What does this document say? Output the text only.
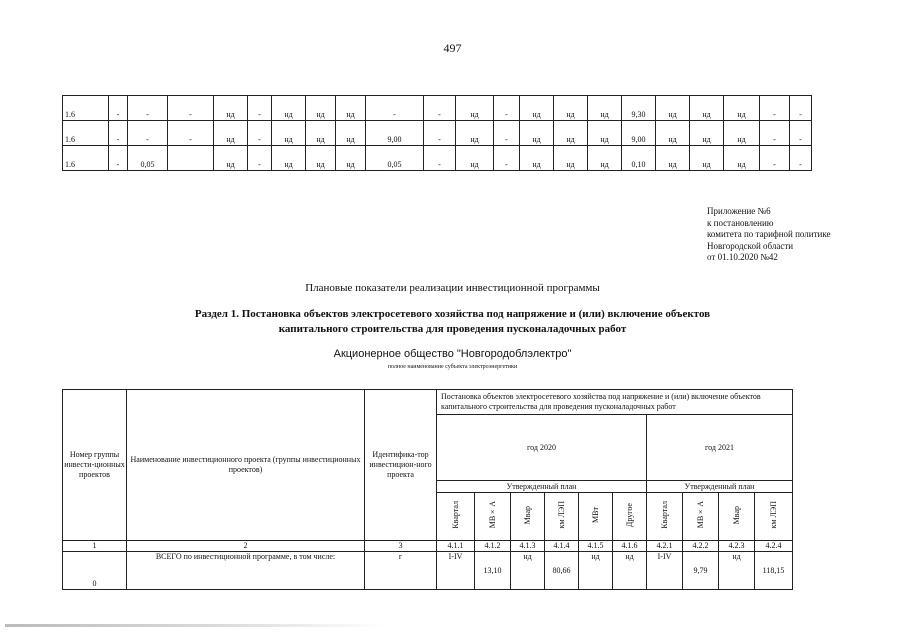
497
1.6	-	-	-	нд	-	нд	нд	нд	-	-	нд	-	нд	нд	нд	9,30	нд	нд	нд	-	-
1.6	-	-	-	нд	-	нд	нд	нд	9,00	-	нд	-	нд	нд	нд	9,00	нд	нд	нд	-	-
1.6	-	0,05		нд	-	нд	нд	нд	0,05	-	нд	-	нд	нд	нд	0,10	нд	нд	нд	-	-
Приложение №6
к постановлению
комитета по тарифной политике
Новгородской области
от 01.10.2020 №42
Плановые показатели реализации инвестиционной программы
Раздел 1. Постановка объектов электросетевого хозяйства под напряжение и (или) включение объектов
капитального строительства для проведения пусконаладочных работ
Акционерное общество "Новгородоблэлектро"
полное наименование субъекта электроэнергетики
Номер группы инвести-ционных проектов	Наименование инвестиционного проекта (группы инвестиционных проектов)	Идентифика-тор инвестицион-ного проекта	Постановка объектов электросетевого хозяйства под напряжение и (или) включение объектов капитального строительства для проведения пусконаладочных работ									
			год 2020						год 2021			
			Утвержденный план						Утвержденный план			
			Квартал	МВ×А	Мвар	км ЛЭП	МВт	Другое	Квартал	МВ×А	Мвар	км ЛЭП
1	2	3	4.1.1	4.1.2	4.1.3	4.1.4	4.1.5	4.1.6	4.2.1	4.2.2	4.2.3	4.2.4
0	ВСЕГО по инвестиционной программе, в том числе:	г	I-IV	13,10	нд	80,66	нд	нд	I-IV	9,79	нд	118,15
